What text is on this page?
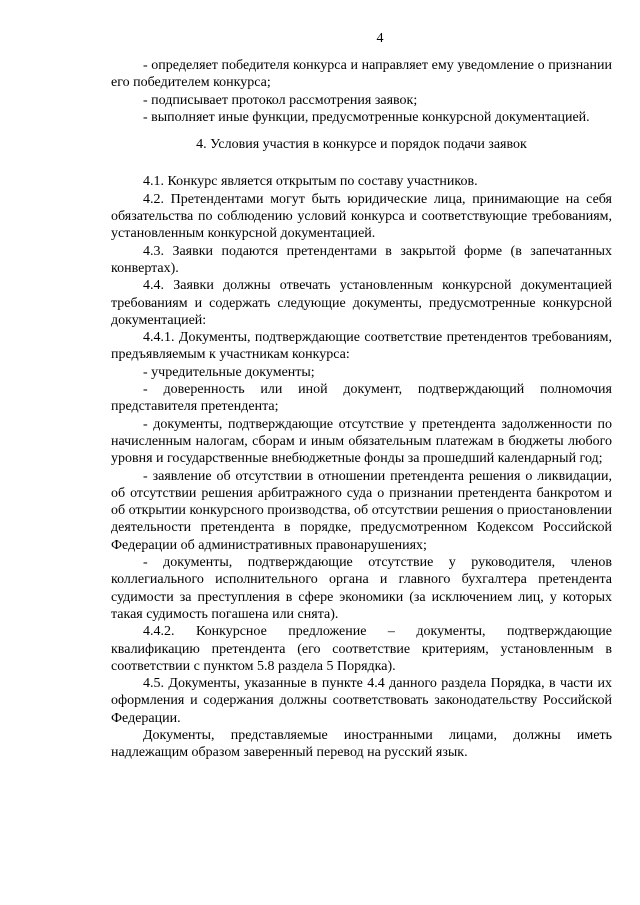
4

- определяет победителя конкурса и направляет ему уведомление о признании его победителем конкурса;

- подписывает протокол рассмотрения заявок;

- выполняет иные функции, предусмотренные конкурсной документацией.

4. Условия участия в конкурсе и порядок подачи заявок

4.1. Конкурс является открытым по составу участников.

4.2. Претендентами могут быть юридические лица, принимающие на себя обязательства по соблюдению условий конкурса и соответствующие требованиям, установленным конкурсной документацией.

4.3. Заявки подаются претендентами в закрытой форме (в запечатанных конвертах).

4.4. Заявки должны отвечать установленным конкурсной документацией требованиям и содержать следующие документы, предусмотренные конкурсной документацией:

4.4.1. Документы, подтверждающие соответствие претендентов требованиям, предъявляемым к участникам конкурса:

- учредительные документы;

- доверенность или иной документ, подтверждающий полномочия представителя претендента;

- документы, подтверждающие отсутствие у претендента задолженности по начисленным налогам, сборам и иным обязательным платежам в бюджеты любого уровня и государственные внебюджетные фонды за прошедший календарный год;

- заявление об отсутствии в отношении претендента решения о ликвидации, об отсутствии решения арбитражного суда о признании претендента банкротом и об открытии конкурсного производства, об отсутствии решения о приостановлении деятельности претендента в порядке, предусмотренном Кодексом Российской Федерации об административных правонарушениях;

- документы, подтверждающие отсутствие у руководителя, членов коллегиального исполнительного органа и главного бухгалтера претендента судимости за преступления в сфере экономики (за исключением лиц, у которых такая судимость погашена или снята).

4.4.2. Конкурсное предложение – документы, подтверждающие квалификацию претендента (его соответствие критериям, установленным в соответствии с пунктом 5.8 раздела 5 Порядка).

4.5. Документы, указанные в пункте 4.4 данного раздела Порядка, в части их оформления и содержания должны соответствовать законодательству Российской Федерации.

Документы, представляемые иностранными лицами, должны иметь надлежащим образом заверенный перевод на русский язык.
